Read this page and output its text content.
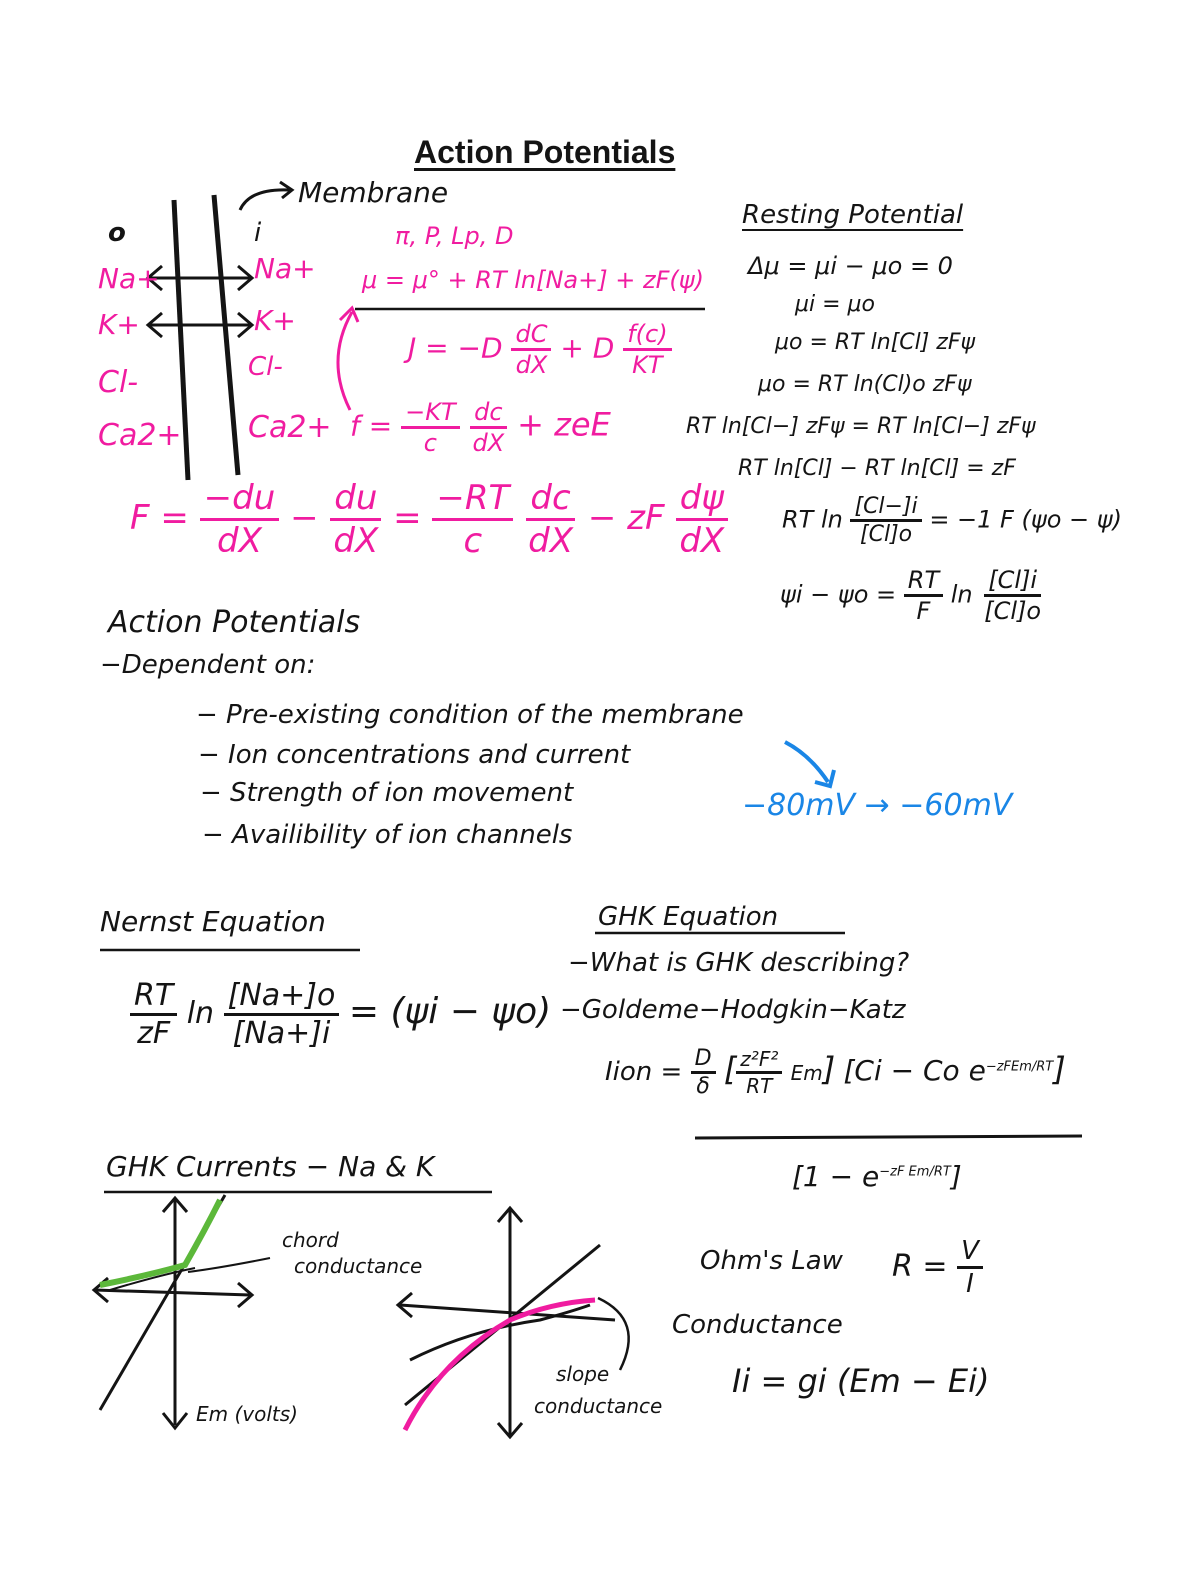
Action Potentials
Membrane
o	i
Na+
K+
Cl-
Ca2+
Na+
K+
Cl-
Ca2+
π, P, Lp, D
μ = μ° + RT ln[Na+] + zF(ψ)
$J = -D \frac{dC}{dX} + D \frac{f(c)}{KT}$
$f = \frac{-KT}{c}$
$\frac{dc}{dX}$ + zeE
$F = \frac{-du}{dX} - \frac{du}{dX} = \frac{-RT}{c}$
$\frac{dc}{dX}$ − zF $\frac{d\psi}{dX}$
Resting Potential
Δμ = μi − μo = 0
μi = μo
μo = RT ln[Cl] zFψ
μo = RT ln(Cl)o zFψ
RT ln[Cl−] zFψ = RT ln[Cl−] zFψ
RT ln[Cl] − RT ln[Cl] = zF
RT $\ln \frac{[Cl-]i}{[Cl]o} = -1$ F (ψo − ψ)
$\psi i - \psi o = \frac{RT}{F}$ $\ln \frac{[Cl]i}{[Cl]o}$
Action Potentials
−Dependent on:
− Pre-existing condition of the membrane
− Ion concentrations and current
− Strength of ion movement
− Availibility of ion channels
−80mV → −60mV
Nernst Equation
$\frac{RT}{zF}$ $\ln \frac{[Na+]o}{[Na+]i} = (\psi i - \psi o)$
GHK Equation
−What is GHK describing?
−Goldeme−Hodgkin−Katz
Iion = $\frac{D}{\delta}$ [ $\frac{\text{z²F²}}{RT} Em$] [Ci − Co $e^{-zFEm/RT}$]
$[1 - e^{-zF Em/RT}]$
Ohm's Law $R = \frac{V}{I}$
Conductance
Ii = gi (Em − Ei)
GHK Currents − Na & K
chord
conductance
slope
conductance
Em (volts)
